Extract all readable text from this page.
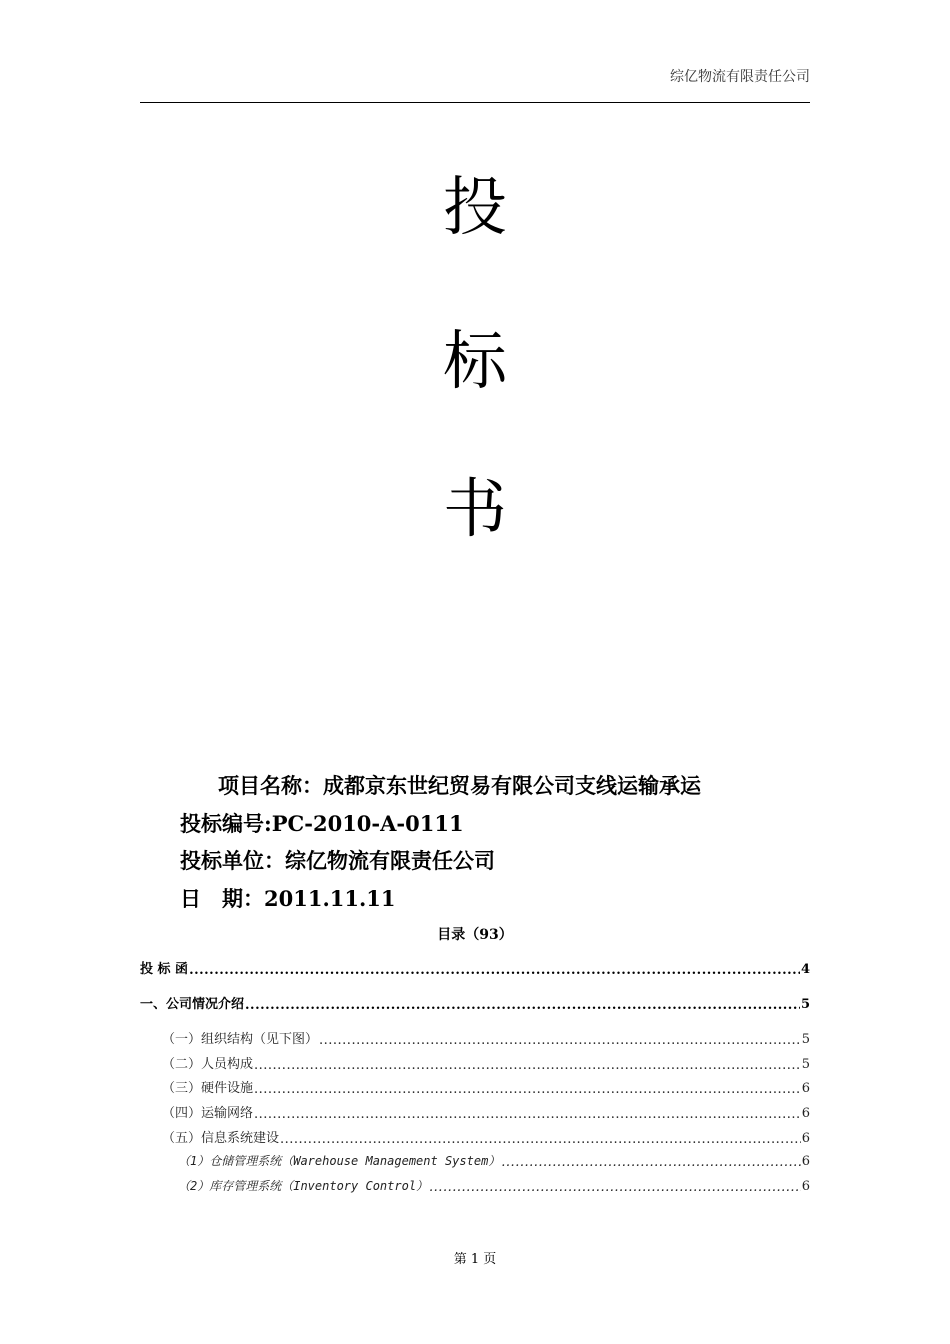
综亿物流有限责任公司
投
标
书
项目名称：成都京东世纪贸易有限公司支线运输承运
投标编号:PC-2010-A-0111
投标单位：综亿物流有限责任公司
日　期：2011.11.11
目录（93）
投 标 函 .....	4
一、公司情况介绍 .....	5
（一）组织结构（见下图） .....	5
（二）人员构成 .....	5
（三）硬件设施 .....	6
（四）运输网络 .....	6
（五）信息系统建设 .....	6
（1）仓储管理系统（Warehouse Management System） .....	6
（2）库存管理系统（Inventory Control） .....	6
第 1 页
